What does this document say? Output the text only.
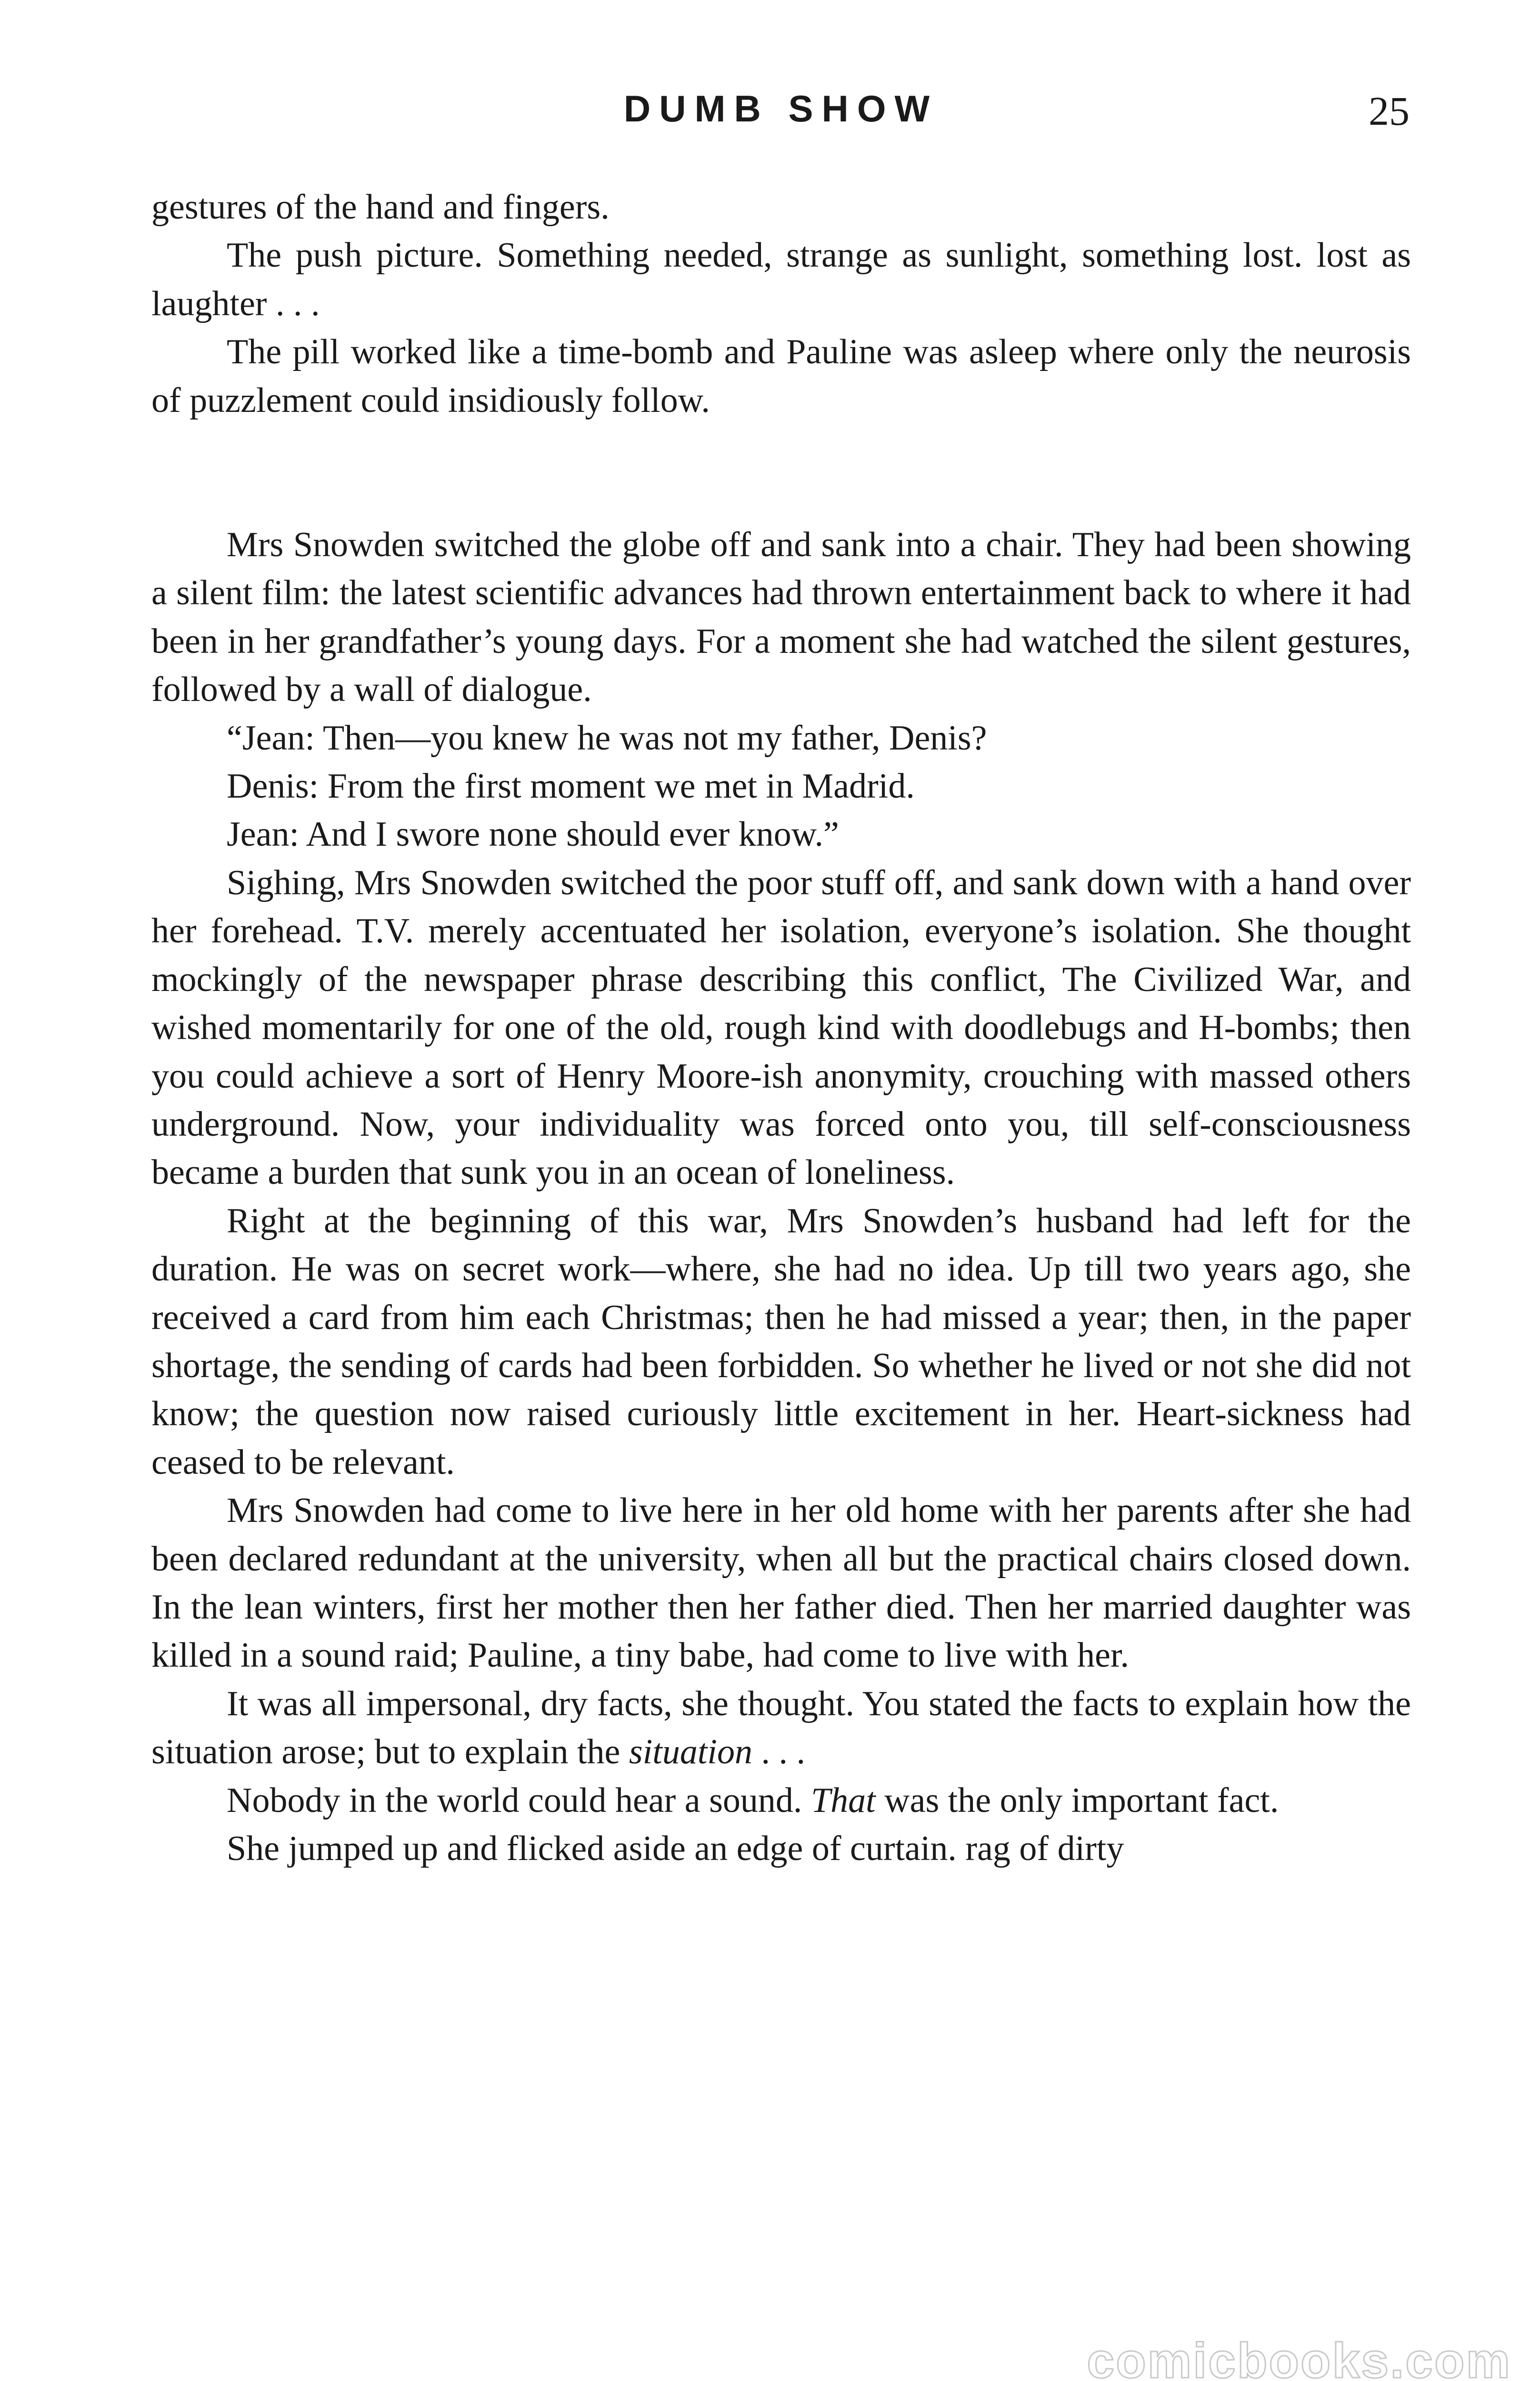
DUMB SHOW	25

gestures of the hand and fingers.

The push picture. Something needed, strange as sunlight, something lost. lost as laughter . . .

The pill worked like a time-bomb and Pauline was asleep where only the neurosis of puzzlement could insidiously follow.

Mrs Snowden switched the globe off and sank into a chair. They had been showing a silent film: the latest scientific advances had thrown entertainment back to where it had been in her grandfather’s young days. For a moment she had watched the silent gestures, followed by a wall of dialogue.

“Jean: Then—you knew he was not my father, Denis?

Denis: From the first moment we met in Madrid.

Jean: And I swore none should ever know.”

Sighing, Mrs Snowden switched the poor stuff off, and sank down with a hand over her forehead. T.V. merely accentuated her isolation, everyone’s isolation. She thought mockingly of the newspaper phrase describing this conflict, The Civilized War, and wished momentarily for one of the old, rough kind with doodlebugs and H-bombs; then you could achieve a sort of Henry Moore-ish anonymity, crouching with massed others underground. Now, your individuality was forced onto you, till self-consciousness became a burden that sunk you in an ocean of loneliness.

Right at the beginning of this war, Mrs Snowden’s husband had left for the duration. He was on secret work—where, she had no idea. Up till two years ago, she received a card from him each Christmas; then he had missed a year; then, in the paper shortage, the sending of cards had been forbidden. So whether he lived or not she did not know; the question now raised curiously little excitement in her. Heart-sickness had ceased to be relevant.

Mrs Snowden had come to live here in her old home with her parents after she had been declared redundant at the university, when all but the practical chairs closed down. In the lean winters, first her mother then her father died. Then her married daughter was killed in a sound raid; Pauline, a tiny babe, had come to live with her.

It was all impersonal, dry facts, she thought. You stated the facts to explain how the situation arose; but to explain the situation . . .

Nobody in the world could hear a sound. That was the only important fact.

She jumped up and flicked aside an edge of curtain. rag of dirty

comicbooks.com
